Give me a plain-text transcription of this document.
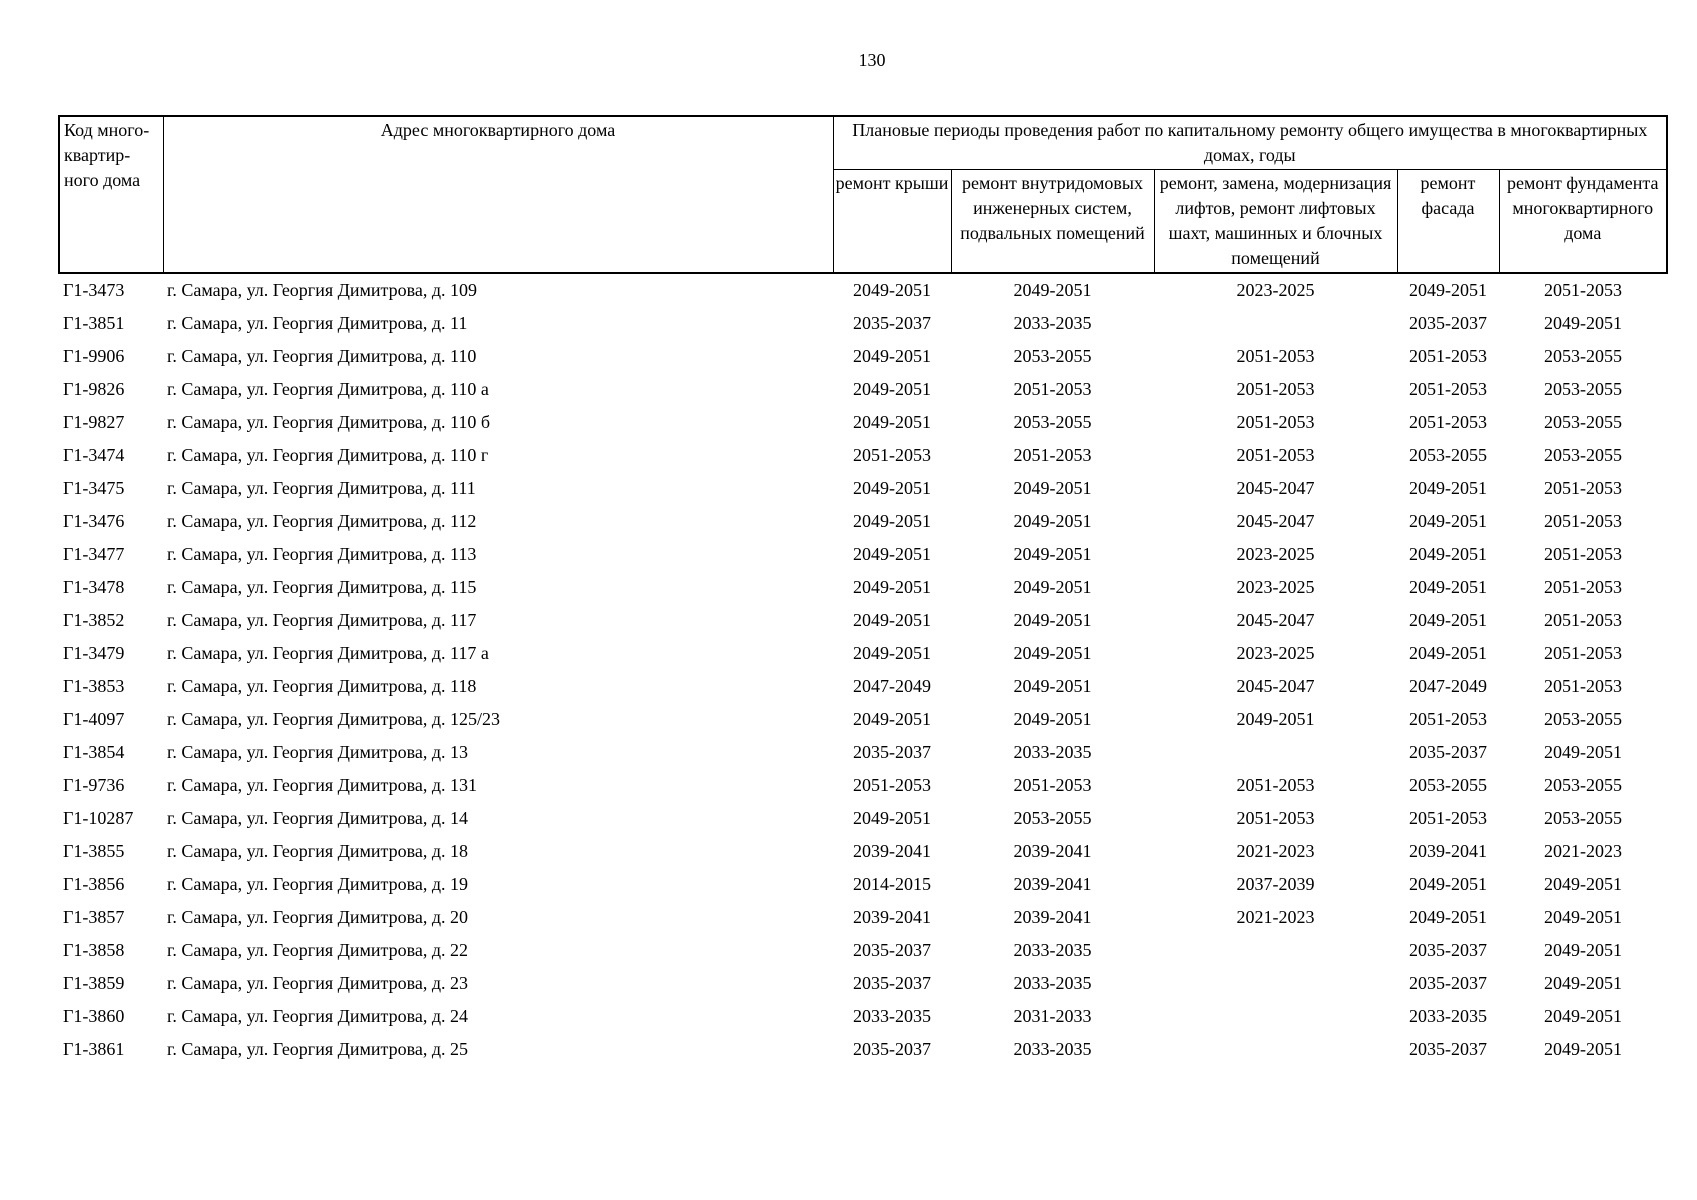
130
Код много-квартир-ного дома	Адрес многоквартирного дома	Плановые периоды проведения работ по капитальному ремонту общего имущества в многоквартирных домах, годы				

		ремонт крыши	ремонт внутридомовых инженерных систем, подвальных помещений	ремонт, замена, модернизация лифтов, ремонт лифтовых шахт, машинных и блочных помещений	ремонт фасада	ремонт фундамента многоквартирного дома
Г1-3473	г. Самара, ул. Георгия Димитрова, д. 109	2049-2051	2049-2051	2023-2025	2049-2051	2051-2053
Г1-3851	г. Самара, ул. Георгия Димитрова, д. 11	2035-2037	2033-2035		2035-2037	2049-2051
Г1-9906	г. Самара, ул. Георгия Димитрова, д. 110	2049-2051	2053-2055	2051-2053	2051-2053	2053-2055
Г1-9826	г. Самара, ул. Георгия Димитрова, д. 110 а	2049-2051	2051-2053	2051-2053	2051-2053	2053-2055
Г1-9827	г. Самара, ул. Георгия Димитрова, д. 110 б	2049-2051	2053-2055	2051-2053	2051-2053	2053-2055
Г1-3474	г. Самара, ул. Георгия Димитрова, д. 110 г	2051-2053	2051-2053	2051-2053	2053-2055	2053-2055
Г1-3475	г. Самара, ул. Георгия Димитрова, д. 111	2049-2051	2049-2051	2045-2047	2049-2051	2051-2053
Г1-3476	г. Самара, ул. Георгия Димитрова, д. 112	2049-2051	2049-2051	2045-2047	2049-2051	2051-2053
Г1-3477	г. Самара, ул. Георгия Димитрова, д. 113	2049-2051	2049-2051	2023-2025	2049-2051	2051-2053
Г1-3478	г. Самара, ул. Георгия Димитрова, д. 115	2049-2051	2049-2051	2023-2025	2049-2051	2051-2053
Г1-3852	г. Самара, ул. Георгия Димитрова, д. 117	2049-2051	2049-2051	2045-2047	2049-2051	2051-2053
Г1-3479	г. Самара, ул. Георгия Димитрова, д. 117 а	2049-2051	2049-2051	2023-2025	2049-2051	2051-2053
Г1-3853	г. Самара, ул. Георгия Димитрова, д. 118	2047-2049	2049-2051	2045-2047	2047-2049	2051-2053
Г1-4097	г. Самара, ул. Георгия Димитрова, д. 125/23	2049-2051	2049-2051	2049-2051	2051-2053	2053-2055
Г1-3854	г. Самара, ул. Георгия Димитрова, д. 13	2035-2037	2033-2035		2035-2037	2049-2051
Г1-9736	г. Самара, ул. Георгия Димитрова, д. 131	2051-2053	2051-2053	2051-2053	2053-2055	2053-2055
Г1-10287	г. Самара, ул. Георгия Димитрова, д. 14	2049-2051	2053-2055	2051-2053	2051-2053	2053-2055
Г1-3855	г. Самара, ул. Георгия Димитрова, д. 18	2039-2041	2039-2041	2021-2023	2039-2041	2021-2023
Г1-3856	г. Самара, ул. Георгия Димитрова, д. 19	2014-2015	2039-2041	2037-2039	2049-2051	2049-2051
Г1-3857	г. Самара, ул. Георгия Димитрова, д. 20	2039-2041	2039-2041	2021-2023	2049-2051	2049-2051
Г1-3858	г. Самара, ул. Георгия Димитрова, д. 22	2035-2037	2033-2035		2035-2037	2049-2051
Г1-3859	г. Самара, ул. Георгия Димитрова, д. 23	2035-2037	2033-2035		2035-2037	2049-2051
Г1-3860	г. Самара, ул. Георгия Димитрова, д. 24	2033-2035	2031-2033		2033-2035	2049-2051
Г1-3861	г. Самара, ул. Георгия Димитрова, д. 25	2035-2037	2033-2035		2035-2037	2049-2051
